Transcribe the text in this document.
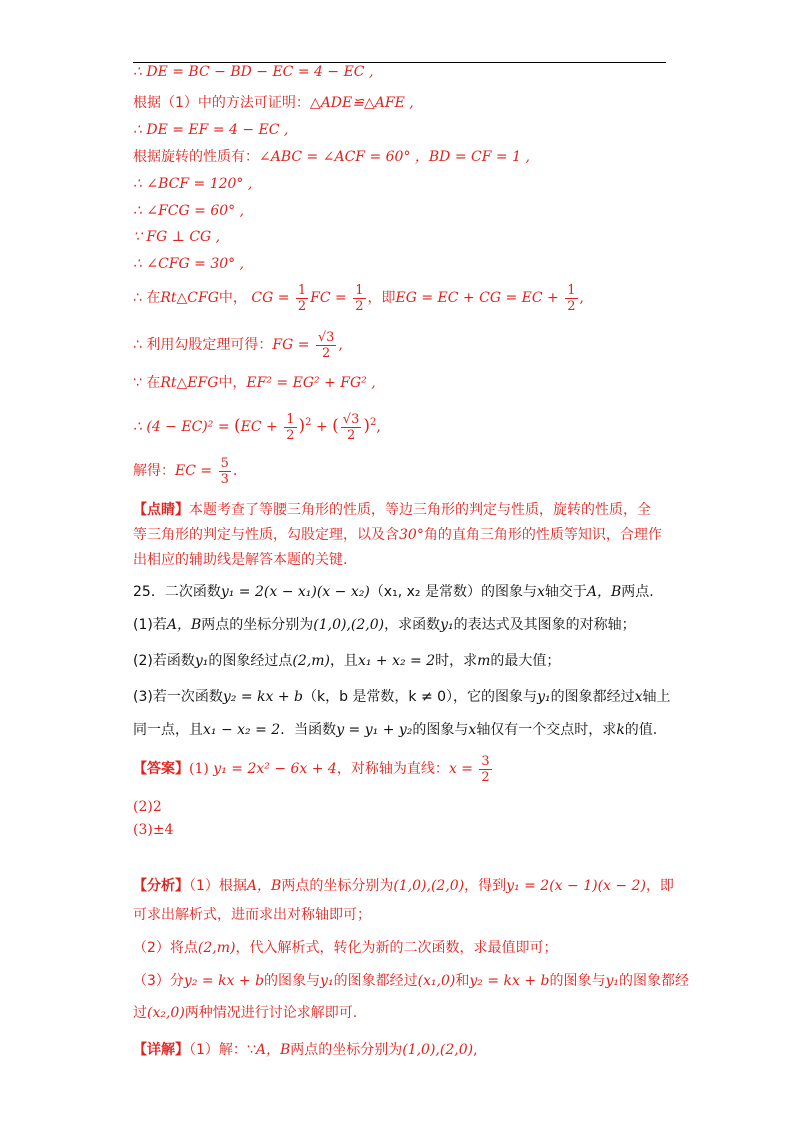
∴ DE = BC − BD − EC = 4 − EC ,
根据（1）中的方法可证明：△ADE≌△AFE ,
∴ DE = EF = 4 − EC ,
根据旋转的性质有：∠ABC = ∠ACF = 60° ，BD = CF = 1 ,
∴ ∠BCF = 120° ,
∴ ∠FCG = 60° ,
∵ FG ⊥ CG ,
∴ ∠CFG = 30° ,
∴ 在Rt△CFG中， CG = $\frac{1}{2}$ FC = $\frac{1}{2}$ ，即EG = EC + CG = EC + $\frac{1}{2}$ ,
∴ 利用勾股定理可得：FG = $\frac{√3}{2}$ ,
∵ 在Rt△EFG中，EF² = EG² + FG² ,
∴ $(4 - EC)^2 = (EC + \frac{1}{2} )^2$ + ( $\frac{√3}{2} )^2$,
解得：EC = $\frac{5}{3}$ .
【点睛】本题考查了等腰三角形的性质，等边三角形的判定与性质，旋转的性质，全
等三角形的判定与性质，勾股定理，以及含30°角的直角三角形的性质等知识，合理作
出相应的辅助线是解答本题的关键.
25．二次函数y₁ = 2(x − x₁)(x − x₂)（x₁, x₂ 是常数）的图象与x轴交于A，B两点.
(1)若A，B两点的坐标分别为(1,0),(2,0)，求函数y₁的表达式及其图象的对称轴；
(2)若函数y₁的图象经过点(2,m)，且x₁ + x₂ = 2时，求m的最大值；
(3)若一次函数y₂ = kx + b（k，b 是常数，k ≠ 0），它的图象与y₁的图象都经过x轴上
同一点，且x₁ − x₂ = 2．当函数y = y₁ + y₂的图象与x轴仅有一个交点时，求k的值.
【答案】(1) y₁ = 2x² − 6x + 4，对称轴为直线：$x = \frac{3}{2}$
(2)2
(3)±4
【分析】（1）根据A，B两点的坐标分别为(1,0),(2,0)，得到y₁ = 2(x − 1)(x − 2)，即
可求出解析式，进而求出对称轴即可；
（2）将点(2,m)，代入解析式，转化为新的二次函数，求最值即可；
（3）分y₂ = kx + b的图象与y₁的图象都经过(x₁,0)和y₂ = kx + b的图象与y₁的图象都经
过(x₂,0)两种情况进行讨论求解即可.
【详解】（1）解：∵A，B两点的坐标分别为(1,0),(2,0),
